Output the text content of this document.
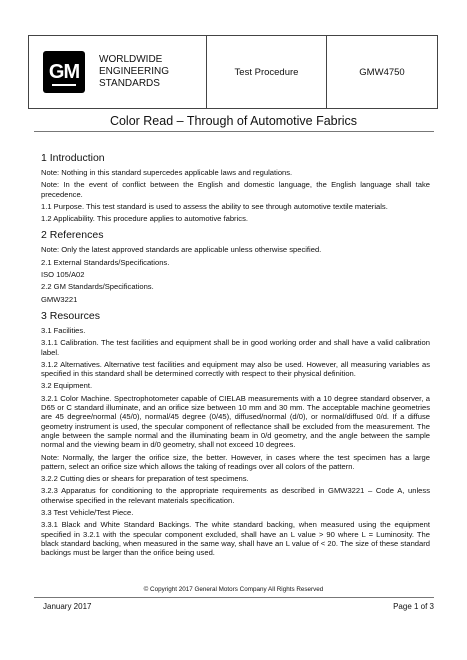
GM
WORLDWIDE
ENGINEERING
STANDARDS
Test Procedure	GMW4750
Color Read – Through of Automotive Fabrics
1 Introduction

Note: Nothing in this standard supercedes applicable laws and regulations.

Note: In the event of conflict between the English and domestic language, the English language shall take precedence.

1.1 Purpose. This test standard is used to assess the ability to see through automotive textile materials.

1.2 Applicability. This procedure applies to automotive fabrics.

2 References

Note: Only the latest approved standards are applicable unless otherwise specified.

2.1 External Standards/Specifications.

ISO 105/A02

2.2 GM Standards/Specifications.

GMW3221

3 Resources

3.1 Facilities.

3.1.1 Calibration. The test facilities and equipment shall be in good working order and shall have a valid calibration label.

3.1.2 Alternatives. Alternative test facilities and equipment may also be used. However, all measuring variables as specified in this standard shall be determined correctly with respect to their physical definition.

3.2 Equipment.

3.2.1 Color Machine. Spectrophotometer capable of CIELAB measurements with a 10 degree standard observer, a D65 or C standard illuminate, and an orifice size between 10 mm and 30 mm. The acceptable machine geometries are 45 degree/normal (45/0), normal/45 degree (0/45), diffused/normal (d/0), or normal/diffused 0/d. If a diffuse geometry instrument is used, the specular component of reflectance shall be excluded from the measurement. The angle between the sample normal and the illuminating beam in 0/d geometry, and the angle between the sample normal and the viewing beam in d/0 geometry, shall not exceed 10 degrees.

Note: Normally, the larger the orifice size, the better. However, in cases where the test specimen has a large pattern, select an orifice size which allows the taking of readings over all colors of the pattern.

3.2.2 Cutting dies or shears for preparation of test specimens.

3.2.3 Apparatus for conditioning to the appropriate requirements as described in GMW3221 – Code A, unless otherwise specified in the relevant materials specification.

3.3 Test Vehicle/Test Piece.

3.3.1 Black and White Standard Backings. The white standard backing, when measured using the equipment specified in 3.2.1 with the specular component excluded, shall have an L value > 90 where L = Luminosity. The black standard backing, when measured in the same way, shall have an L value of < 20. The size of these standard backings must be larger than the orifice being used.

© Copyright 2017 General Motors Company All Rights Reserved
January 2017	Page 1 of 3
